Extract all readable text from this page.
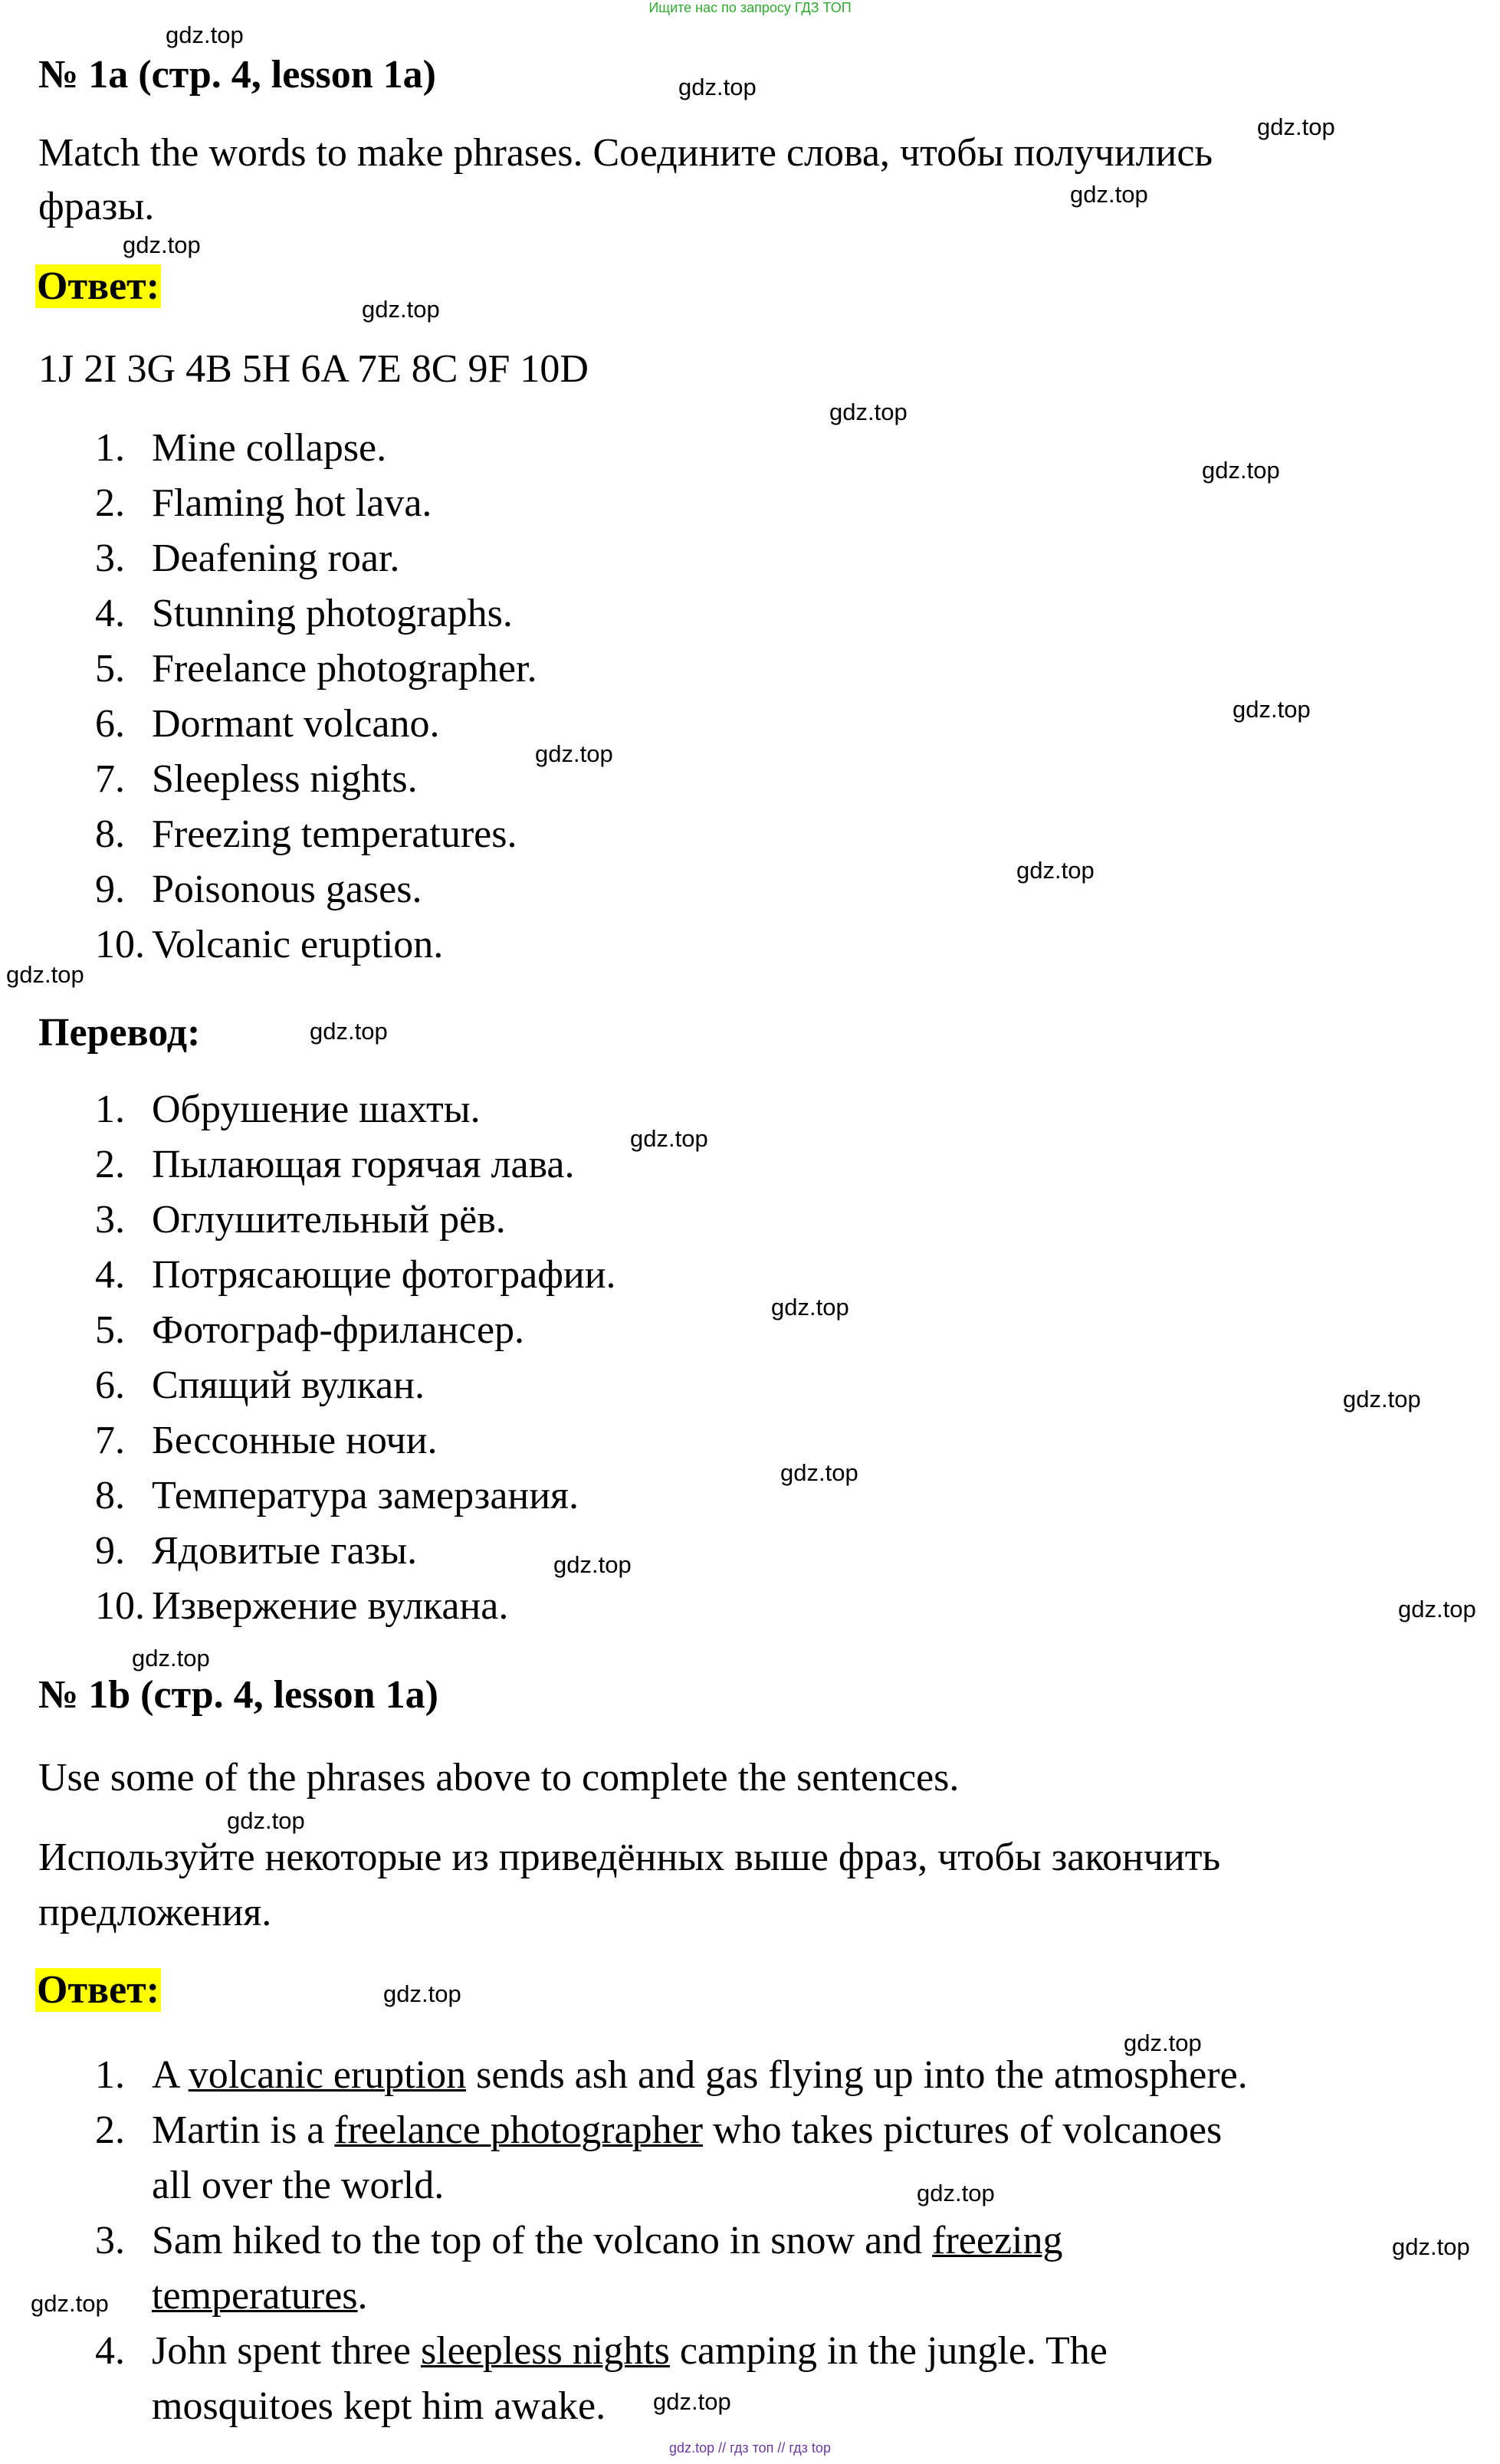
Ищите нас по запросу ГДЗ ТОП
№ 1a (стр. 4, lesson 1a)
Match the words to make phrases. Соедините слова, чтобы получились
фразы.
Ответ:
1J 2I 3G 4B 5H 6A 7E 8C 9F 10D
1. Mine collapse.
2. Flaming hot lava.
3. Deafening roar.
4. Stunning photographs.
5. Freelance photographer.
6. Dormant volcano.
7. Sleepless nights.
8. Freezing temperatures.
9. Poisonous gases.
10. Volcanic eruption.
Перевод:
1. Обрушение шахты.
2. Пылающая горячая лава.
3. Оглушительный рёв.
4. Потрясающие фотографии.
5. Фотограф-фрилансер.
6. Спящий вулкан.
7. Бессонные ночи.
8. Температура замерзания.
9. Ядовитые газы.
10. Извержение вулкана.
№ 1b (стр. 4, lesson 1a)
Use some of the phrases above to complete the sentences.
Используйте некоторые из приведённых выше фраз, чтобы закончить
предложения.
Ответ:
1. A volcanic eruption sends ash and gas flying up into the atmosphere.
2. Martin is a freelance photographer who takes pictures of volcanoes
all over the world.
3. Sam hiked to the top of the volcano in snow and freezing
temperatures.
4. John spent three sleepless nights camping in the jungle. The
mosquitoes kept him awake.
gdz.top
gdz.top
gdz.top
gdz.top
gdz.top
gdz.top
gdz.top
gdz.top
gdz.top
gdz.top
gdz.top
gdz.top
gdz.top
gdz.top
gdz.top
gdz.top
gdz.top
gdz.top
gdz.top
gdz.top
gdz.top
gdz.top
gdz.top
gdz.top
gdz.top
gdz.top
gdz.top
gdz.top // гдз топ // гдз top
